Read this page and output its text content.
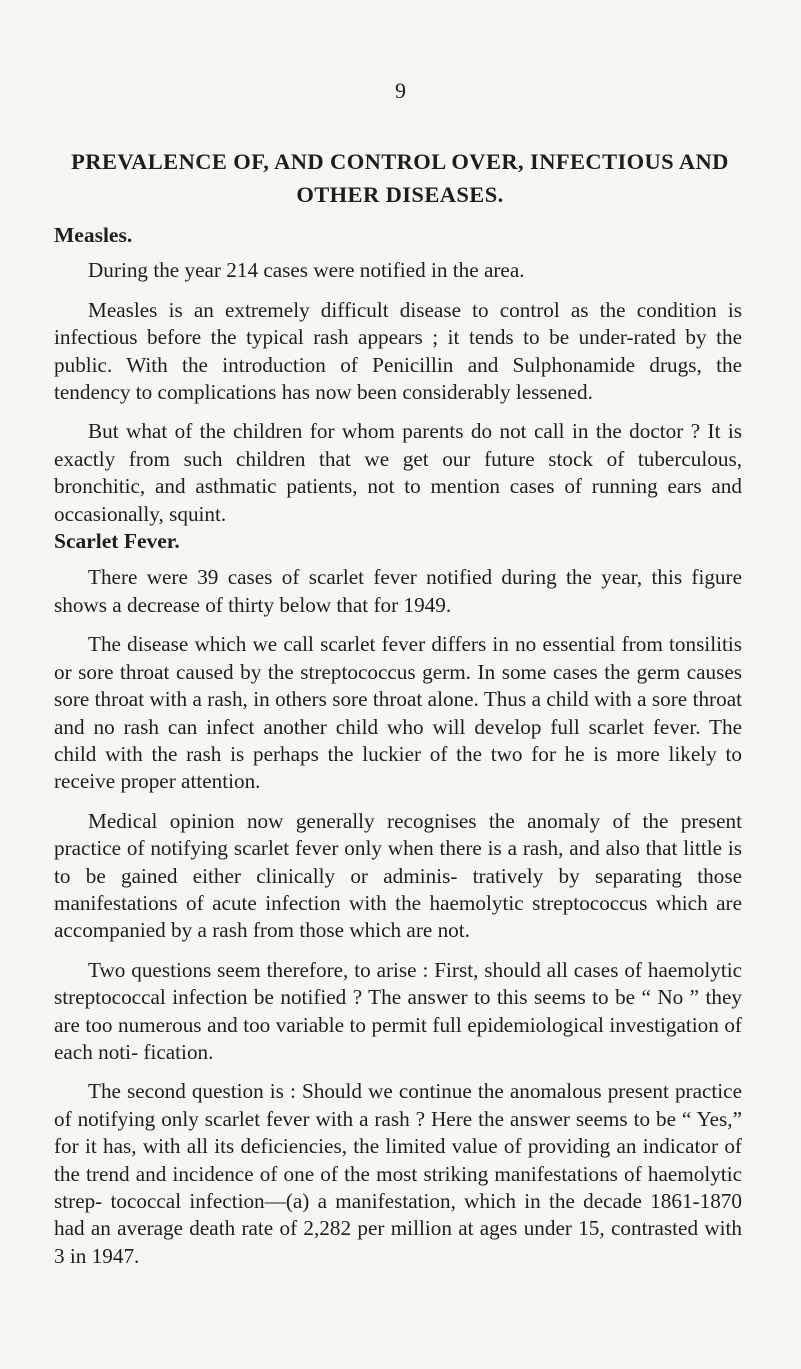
9
PREVALENCE OF, AND CONTROL OVER, INFECTIOUS AND
OTHER DISEASES.
Measles.

During the year 214 cases were notified in the area.

Measles is an extremely difficult disease to control as the condition is infectious before the typical rash appears ; it tends to be under-rated by the public. With the introduction of Penicillin and Sulphonamide drugs, the tendency to complications has now been considerably lessened.

But what of the children for whom parents do not call in the doctor ? It is exactly from such children that we get our future stock of tuberculous, bronchitic, and asthmatic patients, not to mention cases of running ears and occasionally, squint.

Scarlet Fever.

There were 39 cases of scarlet fever notified during the year, this figure shows a decrease of thirty below that for 1949.

The disease which we call scarlet fever differs in no essential from tonsilitis or sore throat caused by the streptococcus germ. In some cases the germ causes sore throat with a rash, in others sore throat alone. Thus a child with a sore throat and no rash can infect another child who will develop full scarlet fever. The child with the rash is perhaps the luckier of the two for he is more likely to receive proper attention.

Medical opinion now generally recognises the anomaly of the present practice of notifying scarlet fever only when there is a rash, and also that little is to be gained either clinically or adminis- tratively by separating those manifestations of acute infection with the haemolytic streptococcus which are accompanied by a rash from those which are not.

Two questions seem therefore, to arise : First, should all cases of haemolytic streptococcal infection be notified ? The answer to this seems to be “ No ” they are too numerous and too variable to permit full epidemiological investigation of each noti- fication.

The second question is : Should we continue the anomalous present practice of notifying only scarlet fever with a rash ? Here the answer seems to be “ Yes,” for it has, with all its deficiencies, the limited value of providing an indicator of the trend and incidence of one of the most striking manifestations of haemolytic strep- tococcal infection—(a) a manifestation, which in the decade 1861-1870 had an average death rate of 2,282 per million at ages under 15, contrasted with 3 in 1947.
